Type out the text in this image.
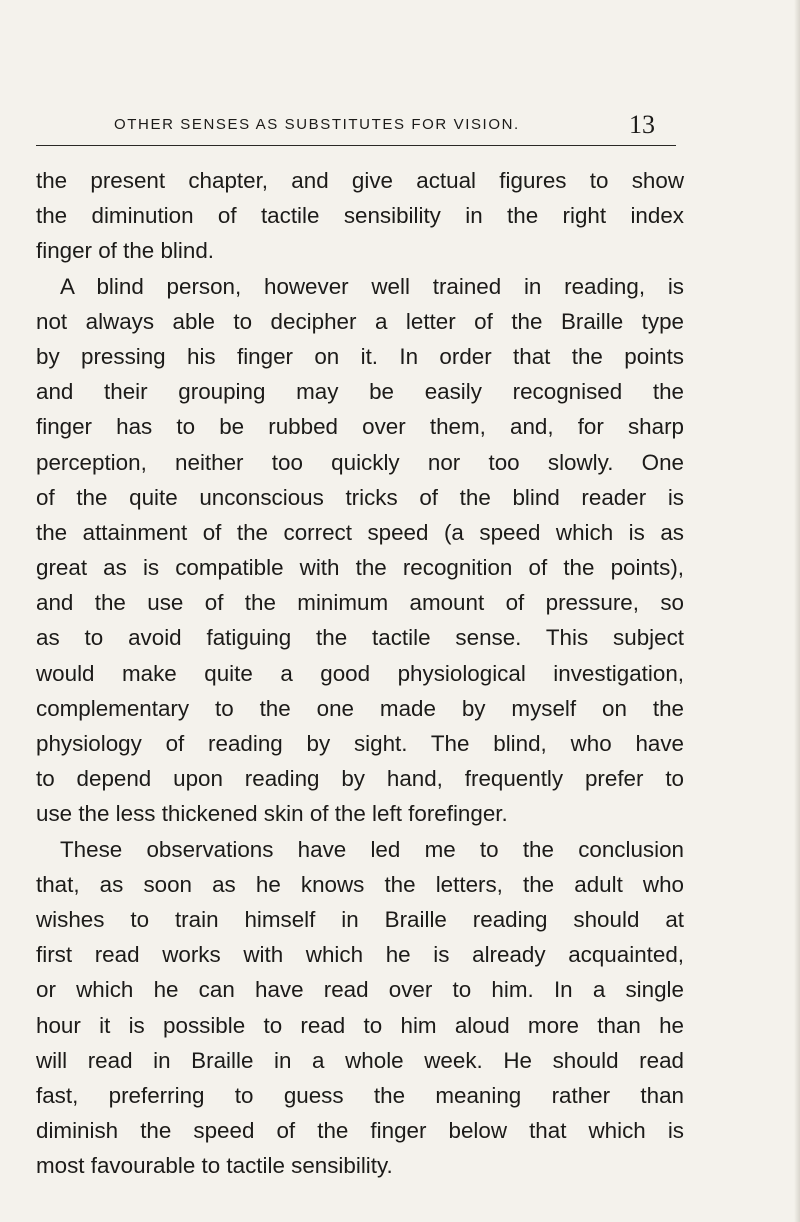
OTHER SENSES AS SUBSTITUTES FOR VISION.	13
the present chapter, and give actual figures to show
the diminution of tactile sensibility in the right index
finger of the blind.
A blind person, however well trained in reading, is
not always able to decipher a letter of the Braille type
by pressing his finger on it. In order that the points
and their grouping may be easily recognised the
finger has to be rubbed over them, and, for sharp
perception, neither too quickly nor too slowly. One
of the quite unconscious tricks of the blind reader is
the attainment of the correct speed (a speed which is as
great as is compatible with the recognition of the points),
and the use of the minimum amount of pressure, so
as to avoid fatiguing the tactile sense. This subject
would make quite a good physiological investigation,
complementary to the one made by myself on the
physiology of reading by sight. The blind, who have
to depend upon reading by hand, frequently prefer to
use the less thickened skin of the left forefinger.
These observations have led me to the conclusion
that, as soon as he knows the letters, the adult who
wishes to train himself in Braille reading should at
first read works with which he is already acquainted,
or which he can have read over to him. In a single
hour it is possible to read to him aloud more than he
will read in Braille in a whole week. He should read
fast, preferring to guess the meaning rather than
diminish the speed of the finger below that which is
most favourable to tactile sensibility.
